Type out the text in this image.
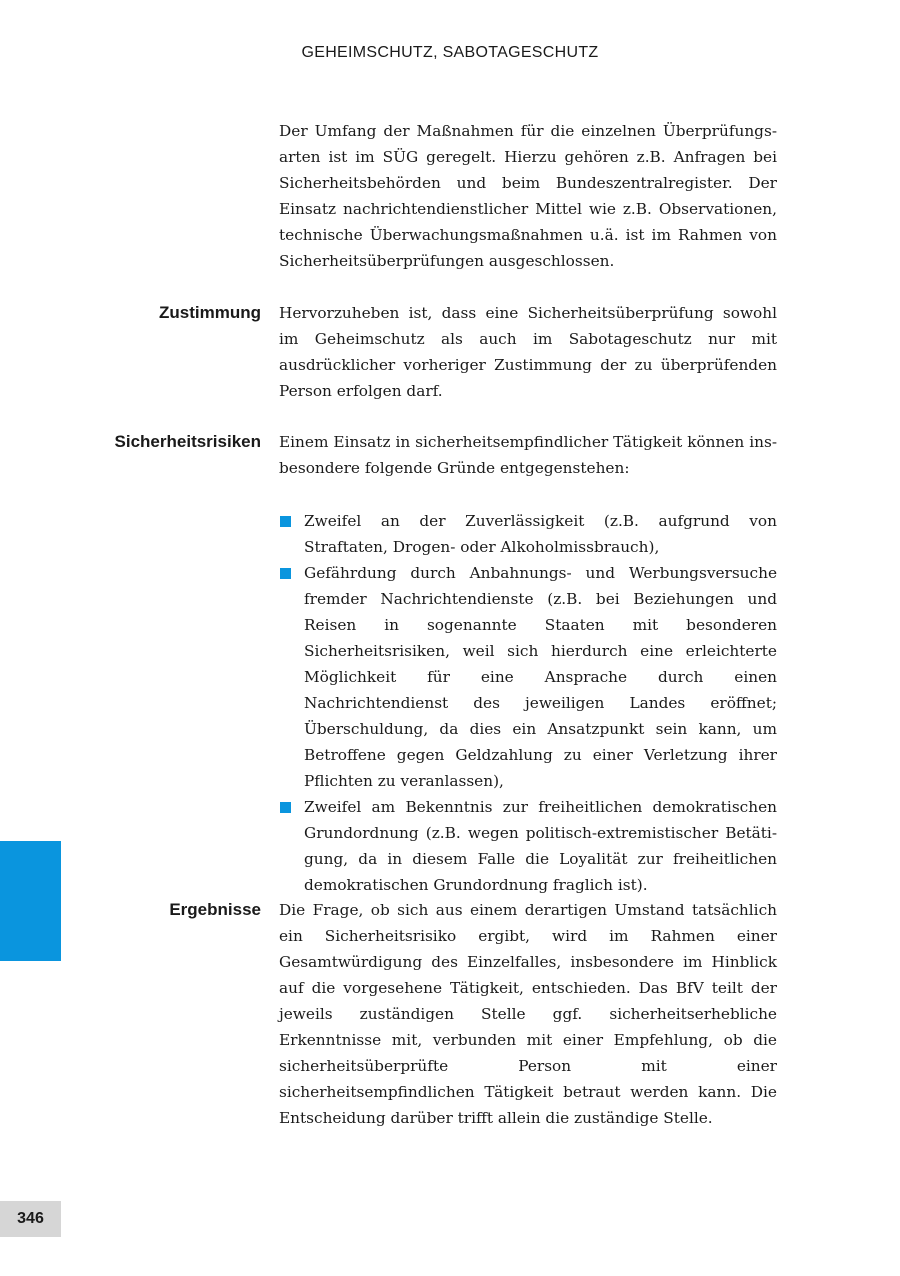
GEHEIMSCHUTZ, SABOTAGESCHUTZ
Der Umfang der Maßnahmen für die einzelnen Überprüfungsarten ist im SÜG geregelt. Hierzu gehören z.B. Anfragen bei Sicherheitsbehörden und beim Bundeszentralregister. Der Einsatz nachrichtendienstlicher Mittel wie z.B. Observationen, technische Überwachungsmaßnahmen u.ä. ist im Rahmen von Sicherheitsüberprüfungen ausgeschlossen.
Zustimmung Hervorzuheben ist, dass eine Sicherheitsüberprüfung sowohl im Geheimschutz als auch im Sabotageschutz nur mit ausdrücklicher vorheriger Zustimmung der zu überprüfenden Person erfolgen darf.
Sicherheitsrisiken Einem Einsatz in sicherheitsempfindlicher Tätigkeit können insbesondere folgende Gründe entgegenstehen:
Zweifel an der Zuverlässigkeit (z.B. aufgrund von Straftaten, Drogen- oder Alkoholmissbrauch),
Gefährdung durch Anbahnungs- und Werbungsversuche fremder Nachrichtendienste (z.B. bei Beziehungen und Reisen in sogenannte Staaten mit besonderen Sicherheitsrisiken, weil sich hierdurch eine erleichterte Möglichkeit für eine Ansprache durch einen Nachrichtendienst des jeweiligen Landes eröffnet; Überschuldung, da dies ein Ansatzpunkt sein kann, um Betroffene gegen Geldzahlung zu einer Verletzung ihrer Pflichten zu veranlassen),
Zweifel am Bekenntnis zur freiheitlichen demokratischen Grundordnung (z.B. wegen politisch-extremistischer Betätigung, da in diesem Falle die Loyalität zur freiheitlichen demokratischen Grundordnung fraglich ist).
Ergebnisse Die Frage, ob sich aus einem derartigen Umstand tatsächlich ein Sicherheitsrisiko ergibt, wird im Rahmen einer Gesamtwürdigung des Einzelfalles, insbesondere im Hinblick auf die vorgesehene Tätigkeit, entschieden. Das BfV teilt der jeweils zuständigen Stelle ggf. sicherheitserhebliche Erkenntnisse mit, verbunden mit einer Empfehlung, ob die sicherheitsüberprüfte Person mit einer sicherheitsempfindlichen Tätigkeit betraut werden kann. Die Entscheidung darüber trifft allein die zuständige Stelle.
346
